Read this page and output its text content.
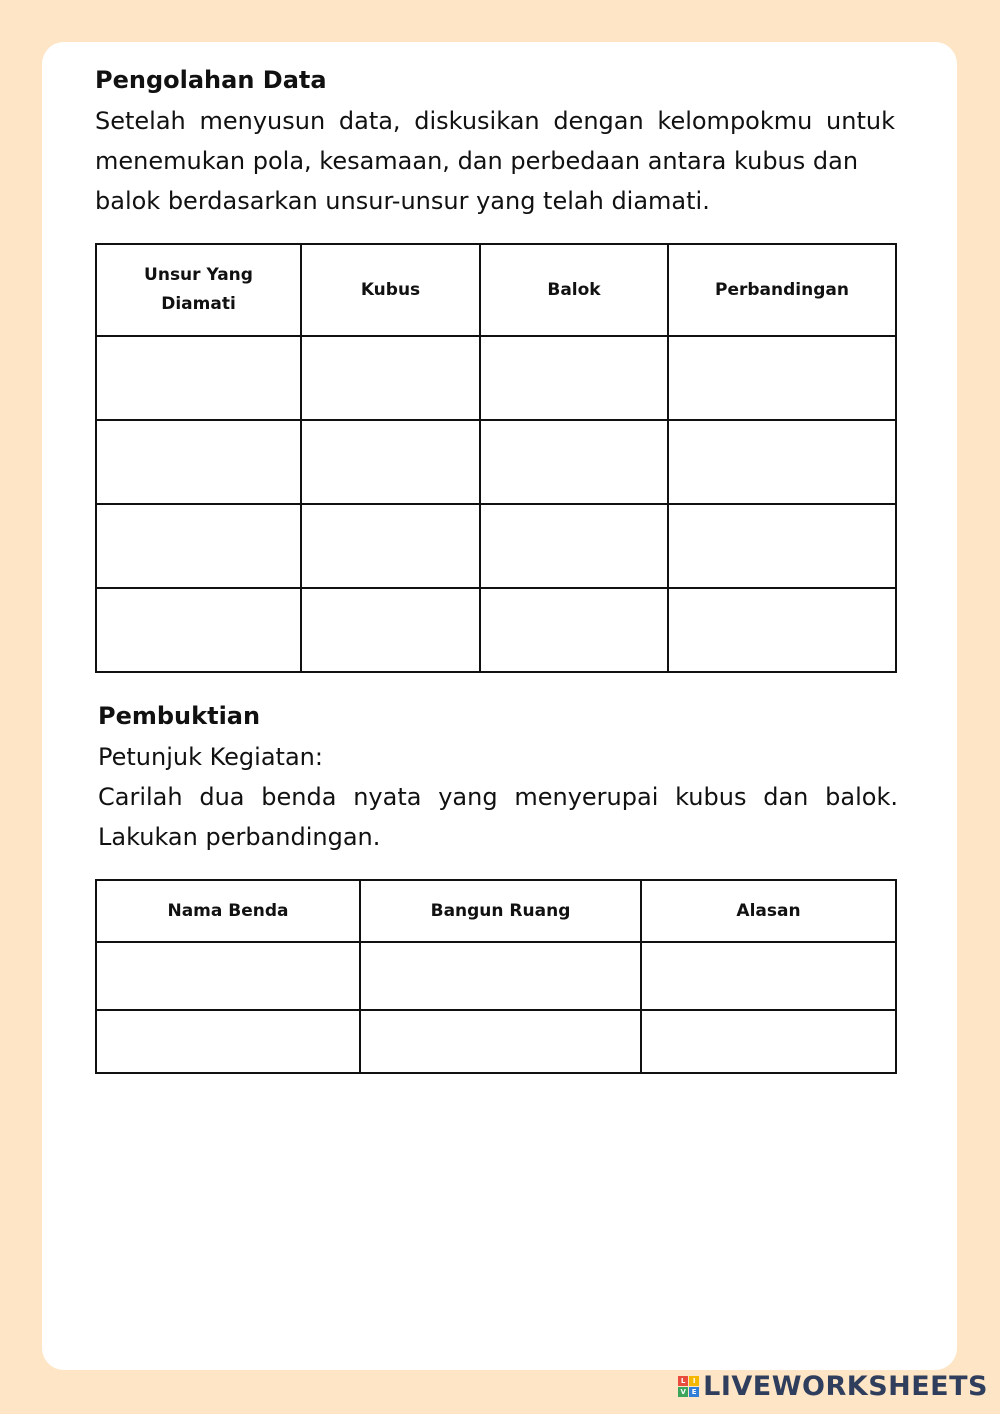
Pengolahan Data

Setelah menyusun data, diskusikan dengan kelompokmu untuk menemukan pola, kesamaan, dan perbedaan antara kubus dan

balok berdasarkan unsur-unsur yang telah diamati.

Unsur Yang
Diamati	Kubus	Balok	Perbandingan

Pembuktian

Petunjuk Kegiatan:

Carilah dua benda nyata yang menyerupai kubus dan balok.

Lakukan perbandingan.

Nama Benda	Bangun Ruang	Alasan

L	I
V E LIVEWORKSHEETS
